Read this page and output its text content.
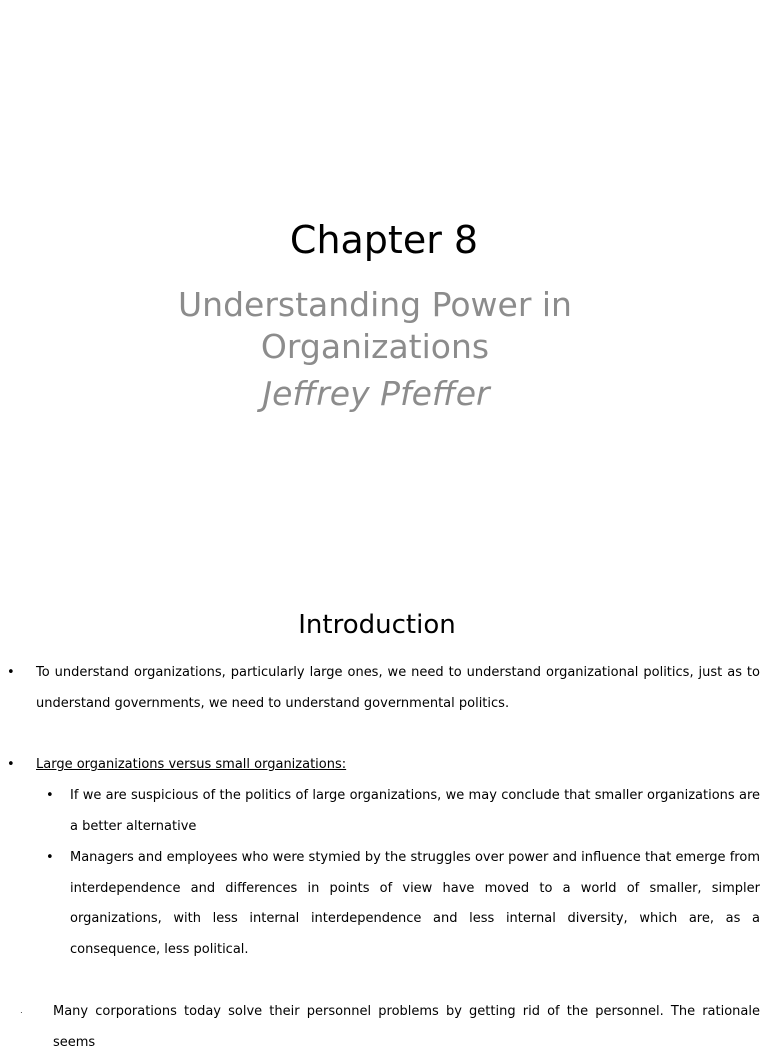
Chapter 8
Understanding Power in Organizations
Jeffrey Pfeffer
Introduction
• To understand organizations, particularly large ones, we need to understand organizational politics, just as to understand governments, we need to understand governmental politics.
• Large organizations versus small organizations:
• If we are suspicious of the politics of large organizations, we may conclude that smaller organizations are a better alternative
• Managers and employees who were stymied by the struggles over power and influence that emerge from interdependence and differences in points of view have moved to a world of smaller, simpler organizations, with less internal interdependence and less internal diversity, which are, as a consequence, less political.
· Many corporations today solve their personnel problems by getting rid of the personnel. The rationale seems
